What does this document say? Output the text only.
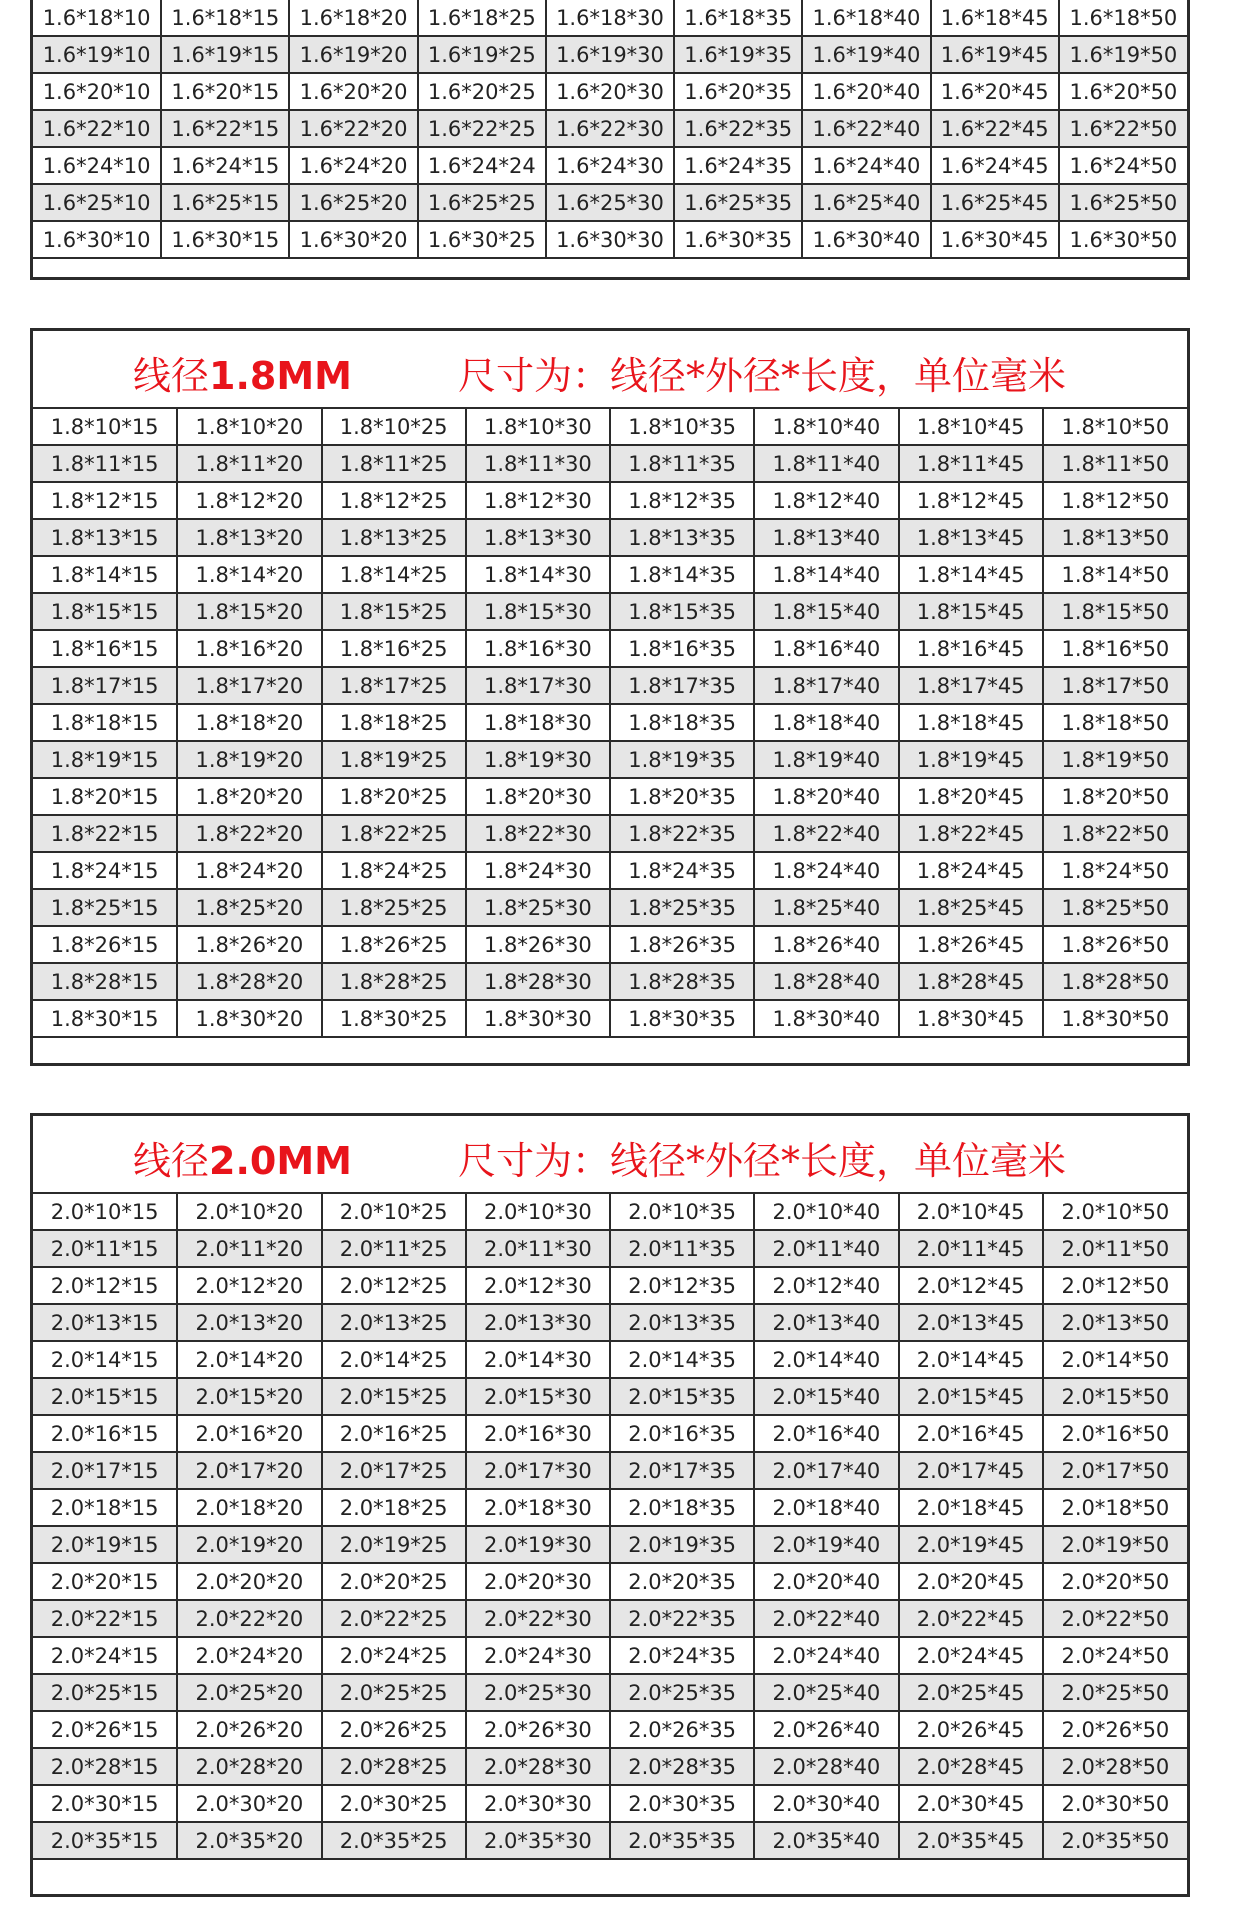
1.6*18*10	1.6*18*15	1.6*18*20	1.6*18*25	1.6*18*30	1.6*18*35	1.6*18*40	1.6*18*45	1.6*18*50
1.6*19*10	1.6*19*15	1.6*19*20	1.6*19*25	1.6*19*30	1.6*19*35	1.6*19*40	1.6*19*45	1.6*19*50
1.6*20*10	1.6*20*15	1.6*20*20	1.6*20*25	1.6*20*30	1.6*20*35	1.6*20*40	1.6*20*45	1.6*20*50
1.6*22*10	1.6*22*15	1.6*22*20	1.6*22*25	1.6*22*30	1.6*22*35	1.6*22*40	1.6*22*45	1.6*22*50
1.6*24*10	1.6*24*15	1.6*24*20	1.6*24*24	1.6*24*30	1.6*24*35	1.6*24*40	1.6*24*45	1.6*24*50
1.6*25*10	1.6*25*15	1.6*25*20	1.6*25*25	1.6*25*30	1.6*25*35	1.6*25*40	1.6*25*45	1.6*25*50
1.6*30*10	1.6*30*15	1.6*30*20	1.6*30*25	1.6*30*30	1.6*30*35	1.6*30*40	1.6*30*45	1.6*30*50
线径1.8MM	尺寸为：线径*外径*长度，单位毫米
1.8*10*15	1.8*10*20	1.8*10*25	1.8*10*30	1.8*10*35	1.8*10*40	1.8*10*45	1.8*10*50
1.8*11*15	1.8*11*20	1.8*11*25	1.8*11*30	1.8*11*35	1.8*11*40	1.8*11*45	1.8*11*50
1.8*12*15	1.8*12*20	1.8*12*25	1.8*12*30	1.8*12*35	1.8*12*40	1.8*12*45	1.8*12*50
1.8*13*15	1.8*13*20	1.8*13*25	1.8*13*30	1.8*13*35	1.8*13*40	1.8*13*45	1.8*13*50
1.8*14*15	1.8*14*20	1.8*14*25	1.8*14*30	1.8*14*35	1.8*14*40	1.8*14*45	1.8*14*50
1.8*15*15	1.8*15*20	1.8*15*25	1.8*15*30	1.8*15*35	1.8*15*40	1.8*15*45	1.8*15*50
1.8*16*15	1.8*16*20	1.8*16*25	1.8*16*30	1.8*16*35	1.8*16*40	1.8*16*45	1.8*16*50
1.8*17*15	1.8*17*20	1.8*17*25	1.8*17*30	1.8*17*35	1.8*17*40	1.8*17*45	1.8*17*50
1.8*18*15	1.8*18*20	1.8*18*25	1.8*18*30	1.8*18*35	1.8*18*40	1.8*18*45	1.8*18*50
1.8*19*15	1.8*19*20	1.8*19*25	1.8*19*30	1.8*19*35	1.8*19*40	1.8*19*45	1.8*19*50
1.8*20*15	1.8*20*20	1.8*20*25	1.8*20*30	1.8*20*35	1.8*20*40	1.8*20*45	1.8*20*50
1.8*22*15	1.8*22*20	1.8*22*25	1.8*22*30	1.8*22*35	1.8*22*40	1.8*22*45	1.8*22*50
1.8*24*15	1.8*24*20	1.8*24*25	1.8*24*30	1.8*24*35	1.8*24*40	1.8*24*45	1.8*24*50
1.8*25*15	1.8*25*20	1.8*25*25	1.8*25*30	1.8*25*35	1.8*25*40	1.8*25*45	1.8*25*50
1.8*26*15	1.8*26*20	1.8*26*25	1.8*26*30	1.8*26*35	1.8*26*40	1.8*26*45	1.8*26*50
1.8*28*15	1.8*28*20	1.8*28*25	1.8*28*30	1.8*28*35	1.8*28*40	1.8*28*45	1.8*28*50
1.8*30*15	1.8*30*20	1.8*30*25	1.8*30*30	1.8*30*35	1.8*30*40	1.8*30*45	1.8*30*50
线径2.0MM	尺寸为：线径*外径*长度，单位毫米
2.0*10*15	2.0*10*20	2.0*10*25	2.0*10*30	2.0*10*35	2.0*10*40	2.0*10*45	2.0*10*50
2.0*11*15	2.0*11*20	2.0*11*25	2.0*11*30	2.0*11*35	2.0*11*40	2.0*11*45	2.0*11*50
2.0*12*15	2.0*12*20	2.0*12*25	2.0*12*30	2.0*12*35	2.0*12*40	2.0*12*45	2.0*12*50
2.0*13*15	2.0*13*20	2.0*13*25	2.0*13*30	2.0*13*35	2.0*13*40	2.0*13*45	2.0*13*50
2.0*14*15	2.0*14*20	2.0*14*25	2.0*14*30	2.0*14*35	2.0*14*40	2.0*14*45	2.0*14*50
2.0*15*15	2.0*15*20	2.0*15*25	2.0*15*30	2.0*15*35	2.0*15*40	2.0*15*45	2.0*15*50
2.0*16*15	2.0*16*20	2.0*16*25	2.0*16*30	2.0*16*35	2.0*16*40	2.0*16*45	2.0*16*50
2.0*17*15	2.0*17*20	2.0*17*25	2.0*17*30	2.0*17*35	2.0*17*40	2.0*17*45	2.0*17*50
2.0*18*15	2.0*18*20	2.0*18*25	2.0*18*30	2.0*18*35	2.0*18*40	2.0*18*45	2.0*18*50
2.0*19*15	2.0*19*20	2.0*19*25	2.0*19*30	2.0*19*35	2.0*19*40	2.0*19*45	2.0*19*50
2.0*20*15	2.0*20*20	2.0*20*25	2.0*20*30	2.0*20*35	2.0*20*40	2.0*20*45	2.0*20*50
2.0*22*15	2.0*22*20	2.0*22*25	2.0*22*30	2.0*22*35	2.0*22*40	2.0*22*45	2.0*22*50
2.0*24*15	2.0*24*20	2.0*24*25	2.0*24*30	2.0*24*35	2.0*24*40	2.0*24*45	2.0*24*50
2.0*25*15	2.0*25*20	2.0*25*25	2.0*25*30	2.0*25*35	2.0*25*40	2.0*25*45	2.0*25*50
2.0*26*15	2.0*26*20	2.0*26*25	2.0*26*30	2.0*26*35	2.0*26*40	2.0*26*45	2.0*26*50
2.0*28*15	2.0*28*20	2.0*28*25	2.0*28*30	2.0*28*35	2.0*28*40	2.0*28*45	2.0*28*50
2.0*30*15	2.0*30*20	2.0*30*25	2.0*30*30	2.0*30*35	2.0*30*40	2.0*30*45	2.0*30*50
2.0*35*15	2.0*35*20	2.0*35*25	2.0*35*30	2.0*35*35	2.0*35*40	2.0*35*45	2.0*35*50
